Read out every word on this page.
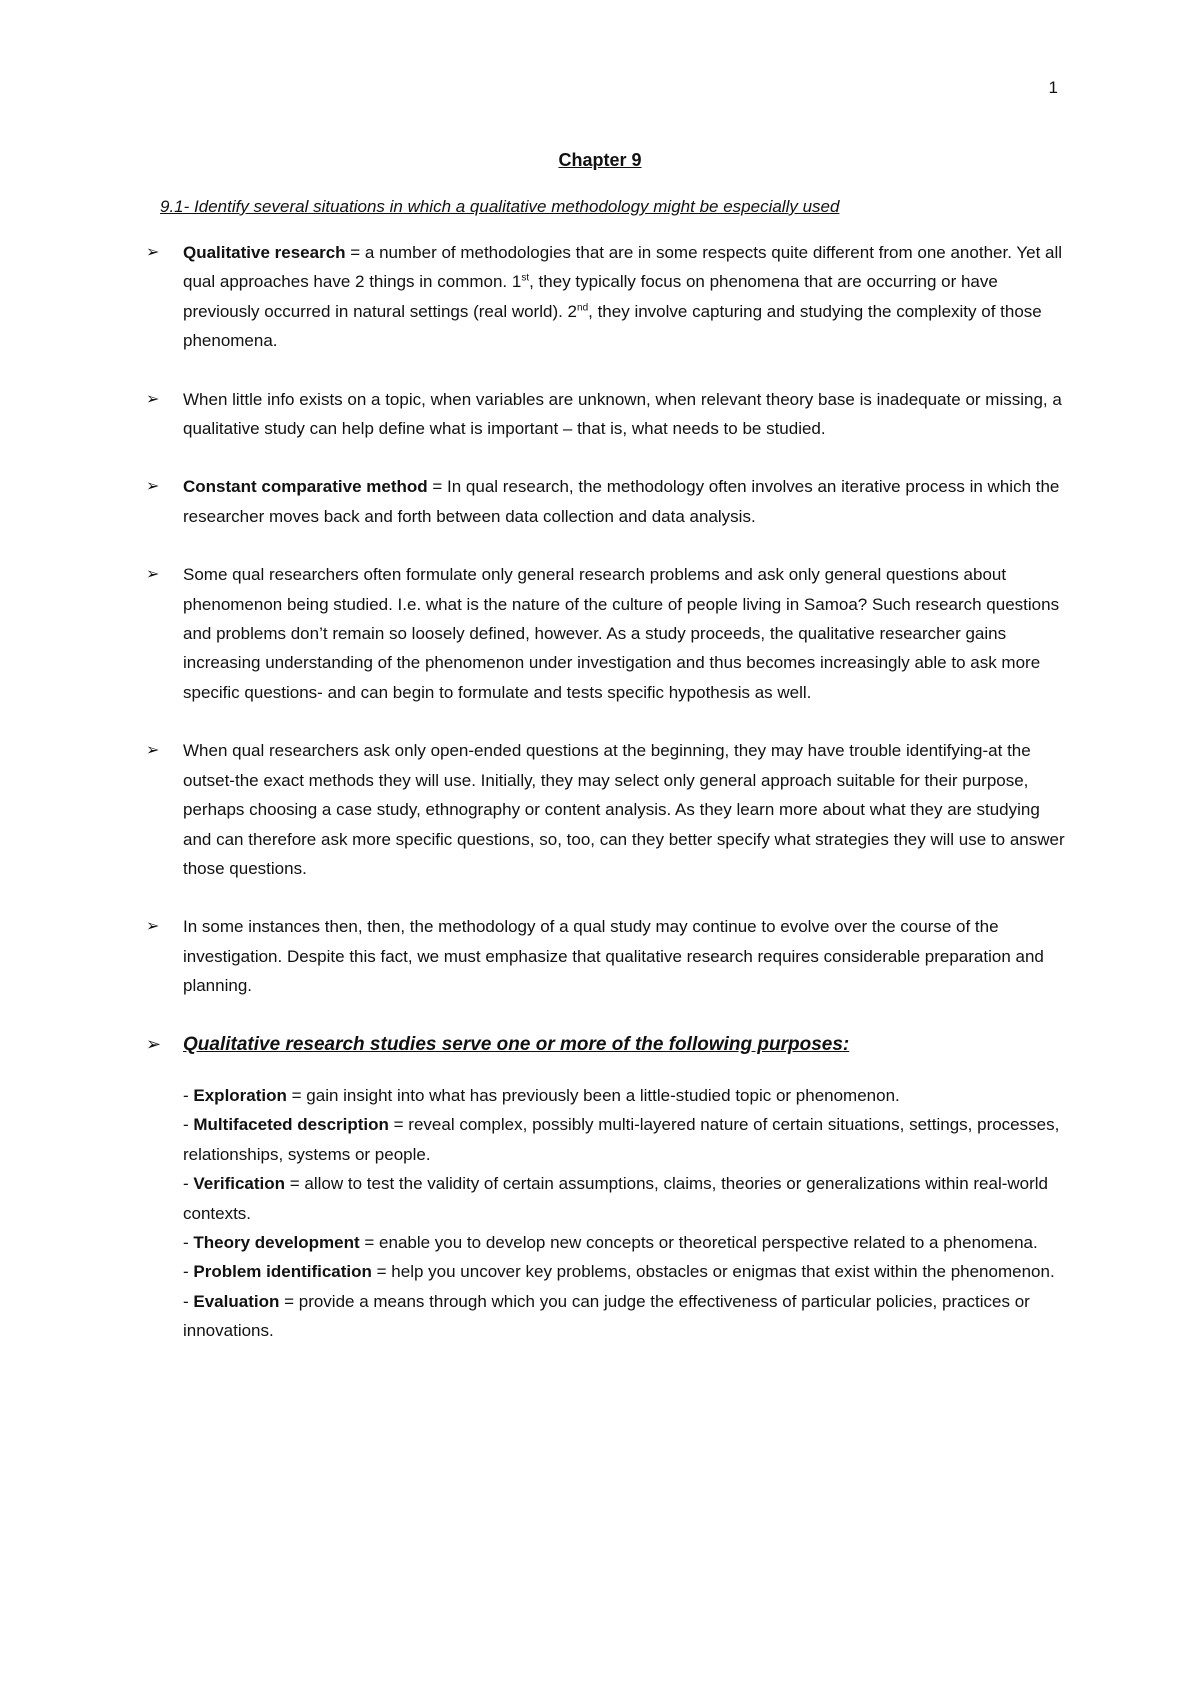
1
Chapter 9
9.1- Identify several situations in which a qualitative methodology might be especially used
➢ Qualitative research = a number of methodologies that are in some respects quite different from one another. Yet all qual approaches have 2 things in common. 1st, they typically focus on phenomena that are occurring or have previously occurred in natural settings (real world). 2nd, they involve capturing and studying the complexity of those phenomena.
➢ When little info exists on a topic, when variables are unknown, when relevant theory base is inadequate or missing, a qualitative study can help define what is important – that is, what needs to be studied.
➢ Constant comparative method = In qual research, the methodology often involves an iterative process in which the researcher moves back and forth between data collection and data analysis.
➢ Some qual researchers often formulate only general research problems and ask only general questions about phenomenon being studied. I.e. what is the nature of the culture of people living in Samoa? Such research questions and problems don’t remain so loosely defined, however. As a study proceeds, the qualitative researcher gains increasing understanding of the phenomenon under investigation and thus becomes increasingly able to ask more specific questions- and can begin to formulate and tests specific hypothesis as well.
➢ When qual researchers ask only open-ended questions at the beginning, they may have trouble identifying-at the outset-the exact methods they will use. Initially, they may select only general approach suitable for their purpose, perhaps choosing a case study, ethnography or content analysis. As they learn more about what they are studying and can therefore ask more specific questions, so, too, can they better specify what strategies they will use to answer those questions.
➢ In some instances then, then, the methodology of a qual study may continue to evolve over the course of the investigation. Despite this fact, we must emphasize that qualitative research requires considerable preparation and planning.
➢ Qualitative research studies serve one or more of the following purposes:
- Exploration = gain insight into what has previously been a little-studied topic or phenomenon.
- Multifaceted description = reveal complex, possibly multi-layered nature of certain situations, settings, processes, relationships, systems or people.
- Verification = allow to test the validity of certain assumptions, claims, theories or generalizations within real-world contexts.
- Theory development = enable you to develop new concepts or theoretical perspective related to a phenomena.
- Problem identification = help you uncover key problems, obstacles or enigmas that exist within the phenomenon.
- Evaluation = provide a means through which you can judge the effectiveness of particular policies, practices or innovations.
